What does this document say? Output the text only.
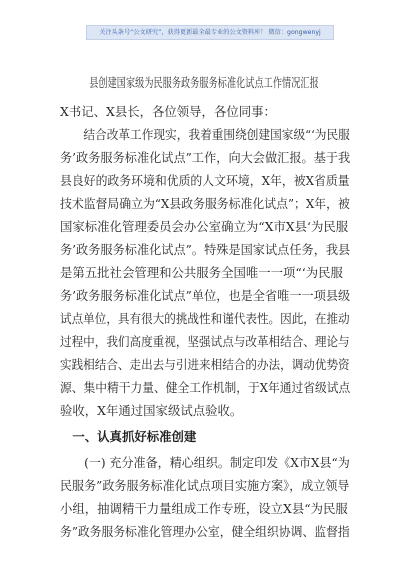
关注头条号“公文研究”，获得更新最全最专业的公文资料库！ 微信：gongwenyj
县创建国家级为民服务政务服务标准化试点工作情况汇报
X书记、X县长，各位领导，各位同事：
　　结合改革工作现实，我着重围绕创建国家级“‘为民服
务’政务服务标准化试点”工作，向大会做汇报。基于我
县良好的政务环境和优质的人文环境，X年，被X省质量
技术监督局确立为“X县政务服务标准化试点”；X年，被
国家标准化管理委员会办公室确立为“X市X县‘为民服
务’政务服务标准化试点”。特殊是国家试点任务，我县
是第五批社会管理和公共服务全国唯一一项“‘为民服
务’政务服务标准化试点”单位，也是全省唯一一项县级
试点单位，具有很大的挑战性和谨代表性。因此，在推动
过程中，我们高度重视，坚强试点与改革相结合、理论与
实践相结合、走出去与引进来相结合的办法，调动优势资
源、集中精干力量、健全工作机制，于X年通过省级试点
验收，X年通过国家级试点验收。
　一、认真抓好标准创建
　　(一) 充分准备，精心组织。制定印发《X市X县“为
民服务”政务服务标准化试点项目实施方案》，成立领导
小组，抽调精干力量组成工作专班，设立X县“为民服
务”政务服务标准化管理办公室，健全组织协调、监督指
